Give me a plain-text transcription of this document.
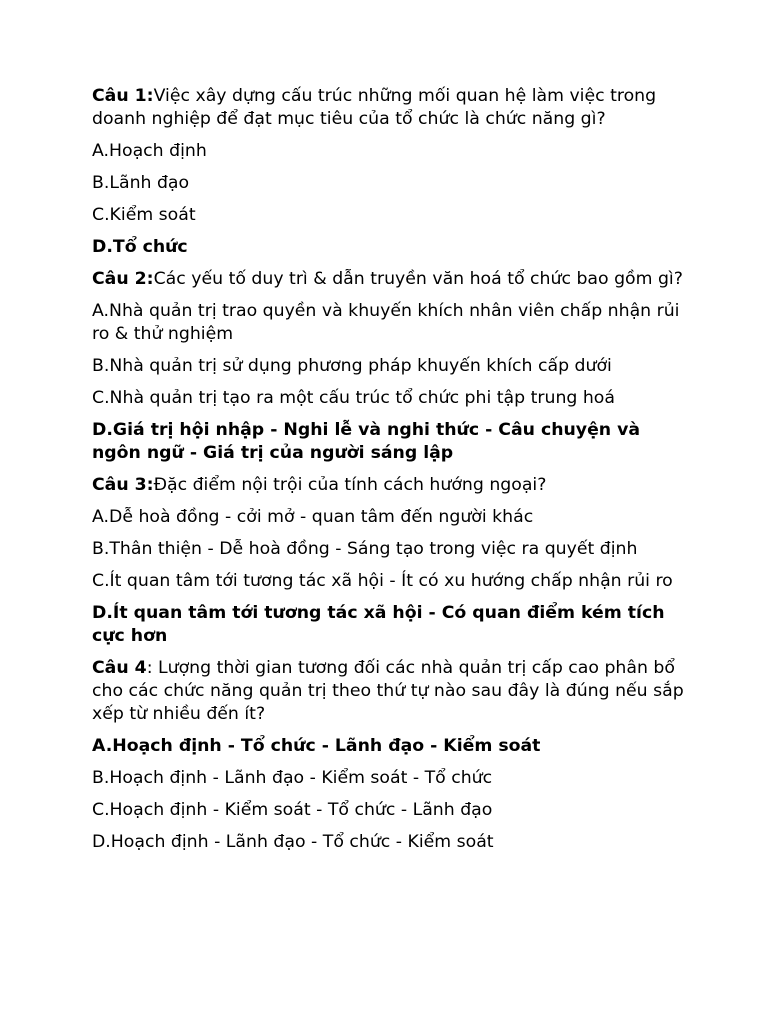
Câu 1:Việc xây dựng cấu trúc những mối quan hệ làm việc trong doanh nghiệp để đạt mục tiêu của tổ chức là chức năng gì?

A.Hoạch định

B.Lãnh đạo

C.Kiểm soát

D.Tổ chức

Câu 2:Các yếu tố duy trì & dẫn truyền văn hoá tổ chức bao gồm gì?

A.Nhà quản trị trao quyền và khuyến khích nhân viên chấp nhận rủi ro & thử nghiệm

B.Nhà quản trị sử dụng phương pháp khuyến khích cấp dưới

C.Nhà quản trị tạo ra một cấu trúc tổ chức phi tập trung hoá

D.Giá trị hội nhập - Nghi lễ và nghi thức - Câu chuyện và ngôn ngữ - Giá trị của người sáng lập

Câu 3:Đặc điểm nội trội của tính cách hướng ngoại?

A.Dễ hoà đồng - cởi mở - quan tâm đến người khác

B.Thân thiện - Dễ hoà đồng - Sáng tạo trong việc ra quyết định

C.Ít quan tâm tới tương tác xã hội - Ít có xu hướng chấp nhận rủi ro

D.Ít quan tâm tới tương tác xã hội - Có quan điểm kém tích cực hơn

Câu 4: Lượng thời gian tương đối các nhà quản trị cấp cao phân bổ cho các chức năng quản trị theo thứ tự nào sau đây là đúng nếu sắp xếp từ nhiều đến ít?

A.Hoạch định - Tổ chức - Lãnh đạo - Kiểm soát

B.Hoạch định - Lãnh đạo - Kiểm soát - Tổ chức

C.Hoạch định - Kiểm soát - Tổ chức - Lãnh đạo

D.Hoạch định - Lãnh đạo - Tổ chức - Kiểm soát
